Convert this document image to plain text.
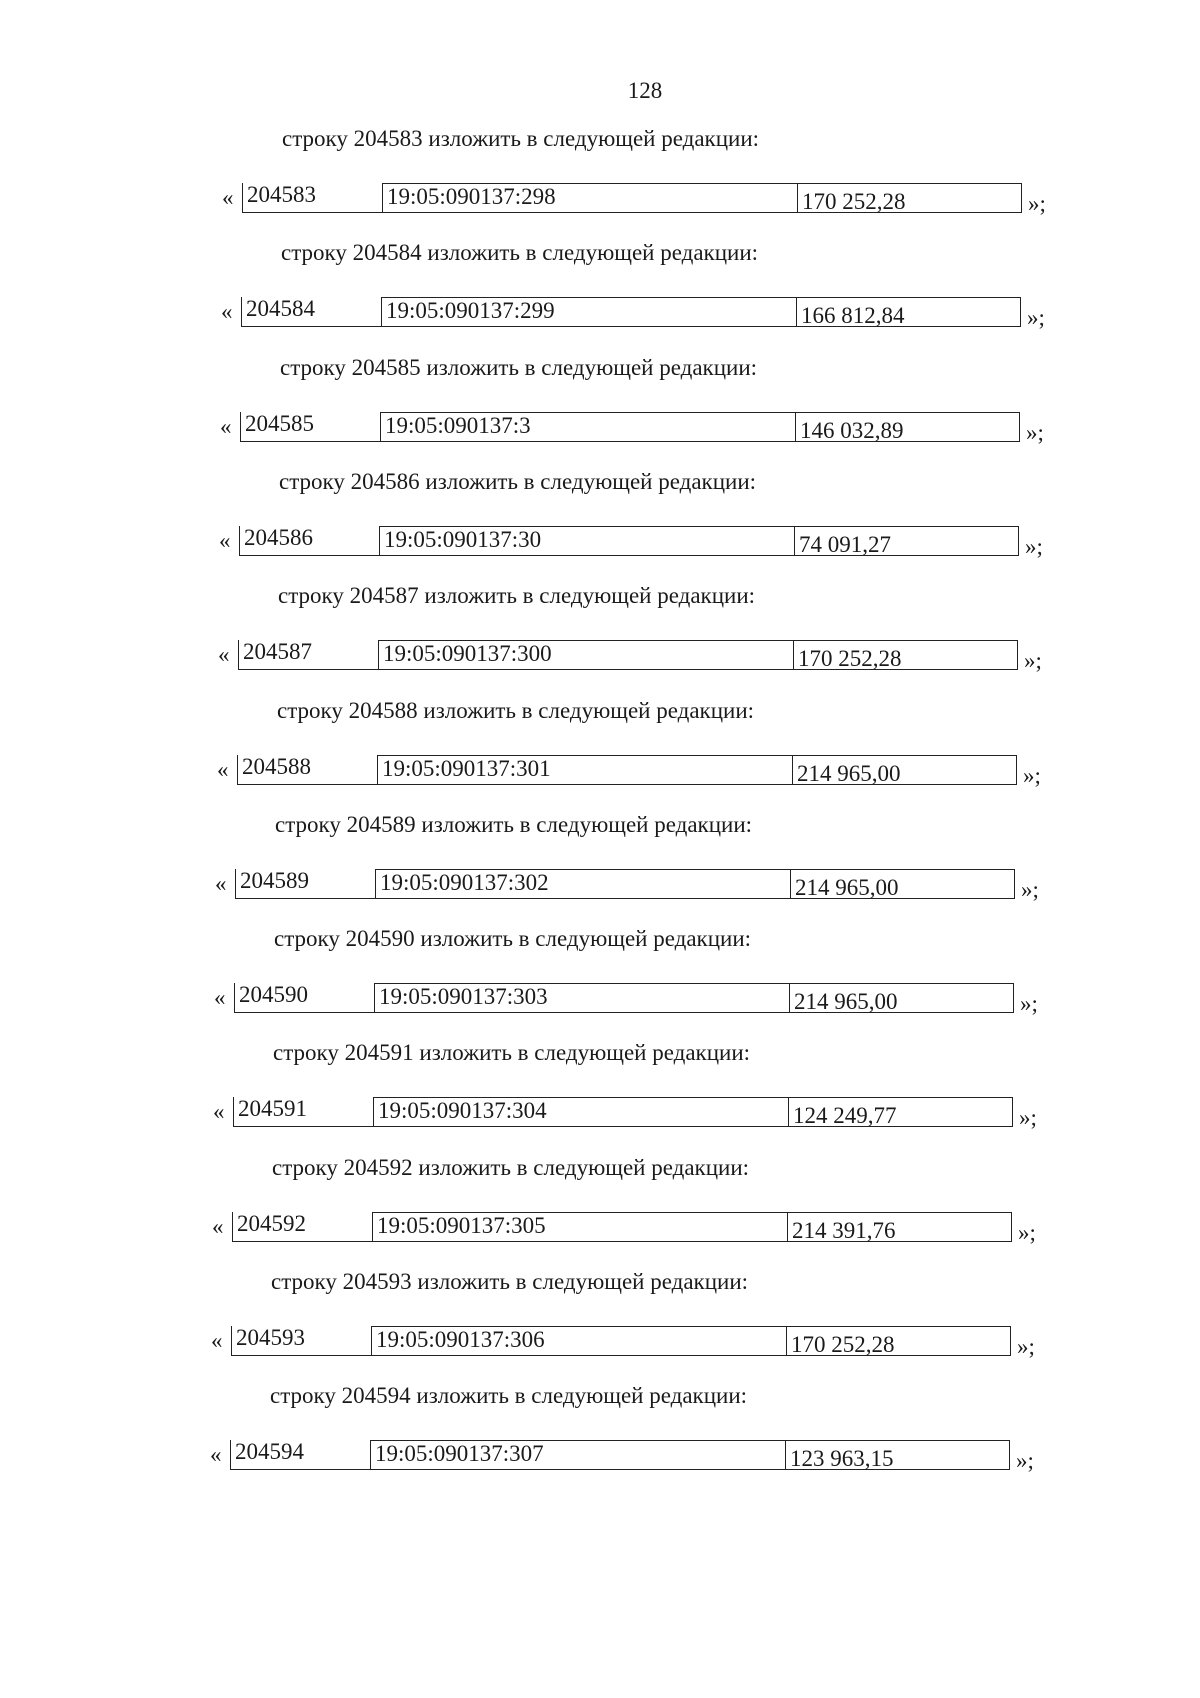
128
строку 204583 изложить в следующей редакции:
« 204583	19:05:090137:298	170 252,28	»;
строку 204584 изложить в следующей редакции:
« 204584	19:05:090137:299	166 812,84	»;
строку 204585 изложить в следующей редакции:
« 204585	19:05:090137:3	146 032,89	»;
строку 204586 изложить в следующей редакции:
« 204586	19:05:090137:30	74 091,27	»;
строку 204587 изложить в следующей редакции:
« 204587	19:05:090137:300	170 252,28	»;
строку 204588 изложить в следующей редакции:
« 204588	19:05:090137:301	214 965,00	»;
строку 204589 изложить в следующей редакции:
« 204589	19:05:090137:302	214 965,00	»;
строку 204590 изложить в следующей редакции:
« 204590	19:05:090137:303	214 965,00	»;
строку 204591 изложить в следующей редакции:
« 204591	19:05:090137:304	124 249,77	»;
строку 204592 изложить в следующей редакции:
« 204592	19:05:090137:305	214 391,76	»;
строку 204593 изложить в следующей редакции:
« 204593	19:05:090137:306	170 252,28	»;
строку 204594 изложить в следующей редакции:
« 204594	19:05:090137:307	123 963,15	»;
